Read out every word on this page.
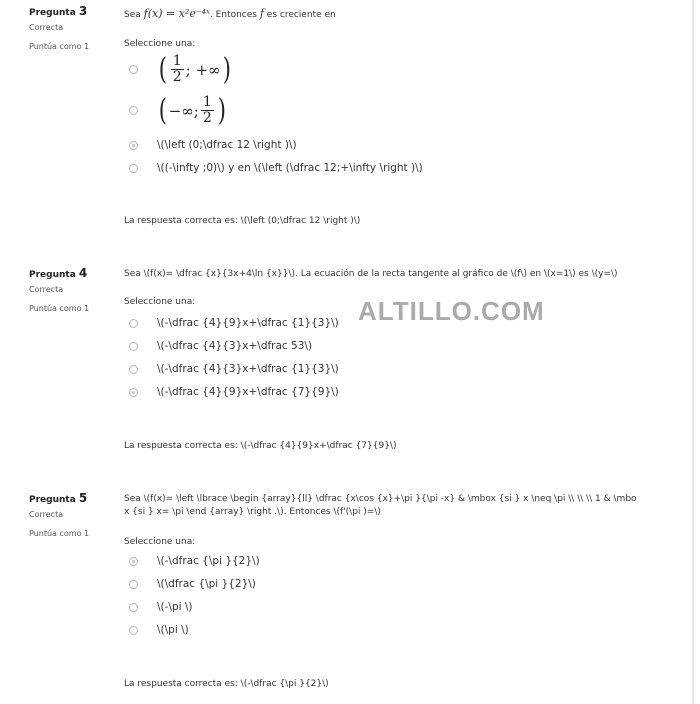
Pregunta 3
Correcta
Puntúa como 1
Sea f(x) = x²e⁻⁴ˣ. Entonces f es creciente en
Seleccione una:
( $\frac{1}{2}$ ; +∞ )
( −∞; $\frac{1}{2}$ )
\(\left (0;\dfrac 12 \right )\)
\((-\infty ;0)\) y en \(\left (\dfrac 12;+\infty \right )\)
La respuesta correcta es: \(\left (0;\dfrac 12 \right )\)
Pregunta 4
Correcta
Puntúa como 1
Sea \(f(x)= \dfrac {x}{3x+4\ln {x}}\). La ecuación de la recta tangente al gráfico de \(f\) en \(x=1\) es \(y=\)
Seleccione una:
\(-\dfrac {4}{9}x+\dfrac {1}{3}\)
\(-\dfrac {4}{3}x+\dfrac 53\)
\(-\dfrac {4}{3}x+\dfrac {1}{3}\)
\(-\dfrac {4}{9}x+\dfrac {7}{9}\)
La respuesta correcta es: \(-\dfrac {4}{9}x+\dfrac {7}{9}\)
Pregunta 5
Correcta
Puntúa como 1
Sea \(f(x)= \left \lbrace \begin {array}{ll} \dfrac {x\cos {x}+\pi }{\pi -x} & \mbox {si } x \neq \pi \\ \\ \\ 1 & \mbox {si } x= \pi \end {array} \right .\). Entonces \(f'(\pi )=\)
Seleccione una:
\(-\dfrac {\pi }{2}\)
\(\dfrac {\pi }{2}\)
\(-\pi \)
\(\pi \)
La respuesta correcta es: \(-\dfrac {\pi }{2}\)
ALTILLO.COM
